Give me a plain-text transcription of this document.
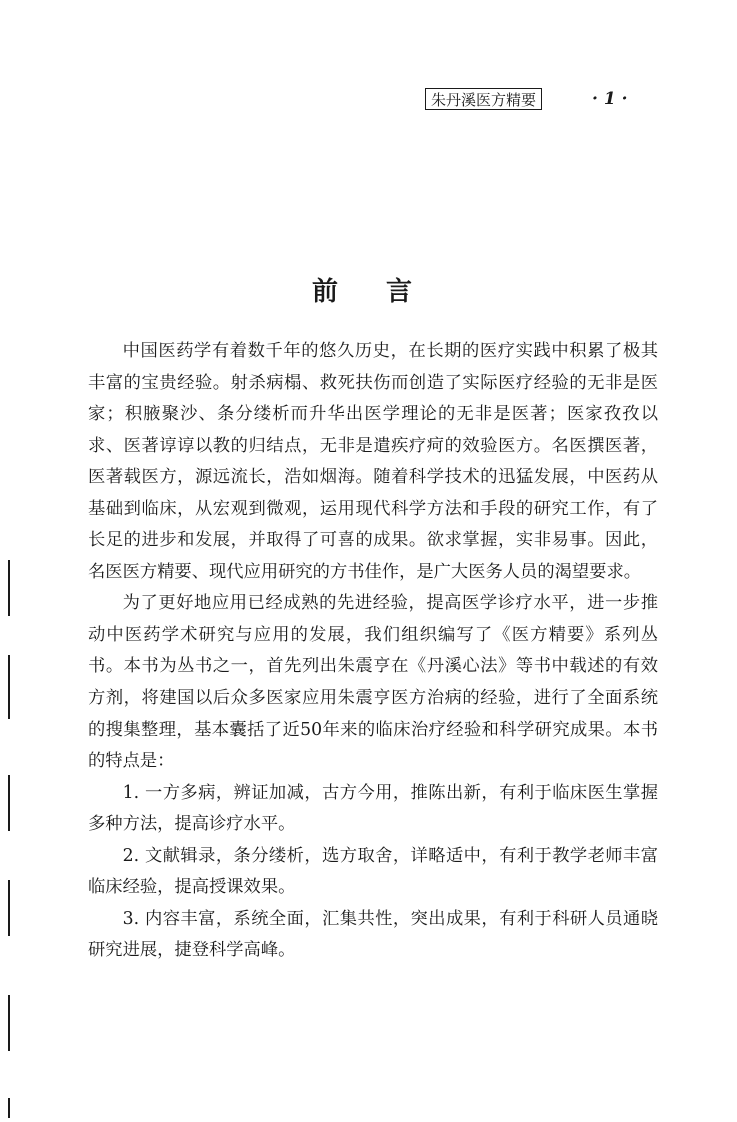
朱丹溪医方精要	· 1 ·
前言

中国医药学有着数千年的悠久历史，在长期的医疗实践中积累了极其丰富的宝贵经验。射杀病榻、救死扶伤而创造了实际医疗经验的无非是医家；积腋聚沙、条分缕析而升华出医学理论的无非是医著；医家孜孜以求、医著谆谆以教的归结点，无非是遣疾疗疴的效验医方。名医撰医著，医著载医方，源远流长，浩如烟海。随着科学技术的迅猛发展，中医药从基础到临床，从宏观到微观，运用现代科学方法和手段的研究工作，有了长足的进步和发展，并取得了可喜的成果。欲求掌握，实非易事。因此，名医医方精要、现代应用研究的方书佳作，是广大医务人员的渴望要求。

为了更好地应用已经成熟的先进经验，提高医学诊疗水平，进一步推动中医药学术研究与应用的发展，我们组织编写了《医方精要》系列丛书。本书为丛书之一，首先列出朱震亨在《丹溪心法》等书中载述的有效方剂，将建国以后众多医家应用朱震亨医方治病的经验，进行了全面系统的搜集整理，基本囊括了近50年来的临床治疗经验和科学研究成果。本书的特点是：

1. 一方多病，辨证加减，古方今用，推陈出新，有利于临床医生掌握多种方法，提高诊疗水平。

2. 文献辑录，条分缕析，选方取舍，详略适中，有利于教学老师丰富临床经验，提高授课效果。

3. 内容丰富，系统全面，汇集共性，突出成果，有利于科研人员通晓研究进展，捷登科学高峰。
